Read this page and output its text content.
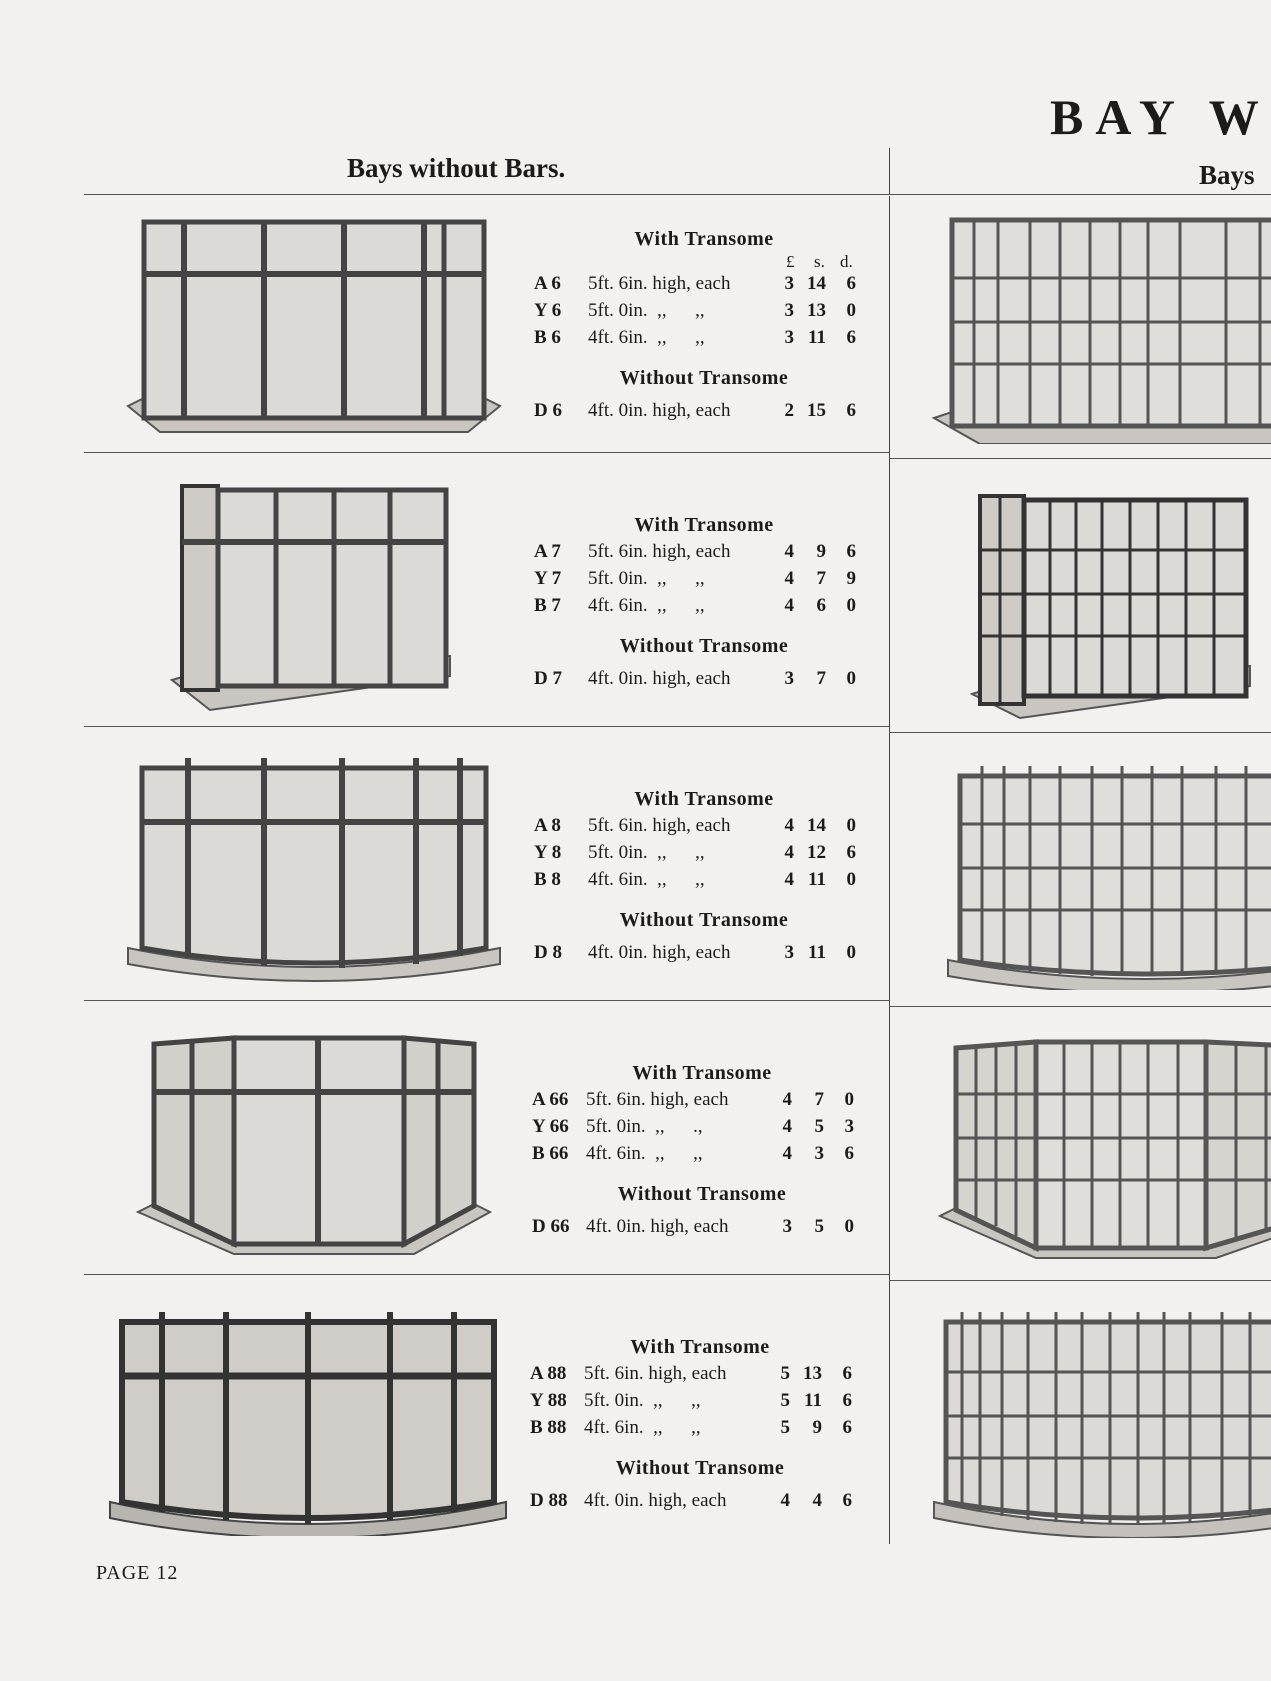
BAY W
Bays without Bars.	Bays
With Transome
£ s. d.
A 6 5ft. 6in. high, each	3 14	6
Y 6 5ft. 0in.  ,,      ,,	3 13	0
B 6 4ft. 6in.  ,,      ,,	3 11	6
Without Transome
D 6 4ft. 0in. high, each	2 15	6
With Transome
A 7 5ft. 6in. high, each	4	9	6
Y 7 5ft. 0in.  ,,      ,,	4	7	9
B 7 4ft. 6in.  ,,      ,,	4	6	0
Without Transome
D 7 4ft. 0in. high, each	3	7	0
With Transome
A 8 5ft. 6in. high, each	4 14	0
Y 8 5ft. 0in.  ,,      ,,	4 12	6
B 8 4ft. 6in.  ,,      ,,	4 11	0
Without Transome
D 8 4ft. 0in. high, each	3 11	0
With Transome
A 66 5ft. 6in. high, each	4	7	0
Y 66 5ft. 0in.  ,,      .,	4	5	3
B 66 4ft. 6in.  ,,      ,,	4	3	6
Without Transome
D 66 4ft. 0in. high, each	3	5	0
With Transome
A 88 5ft. 6in. high, each	5 13	6
Y 88 5ft. 0in.  ,,      ,,	5 11	6
B 88 4ft. 6in.  ,,      ,,	5	9	6
Without Transome
D 88 4ft. 0in. high, each	4	4	6
PAGE 12
